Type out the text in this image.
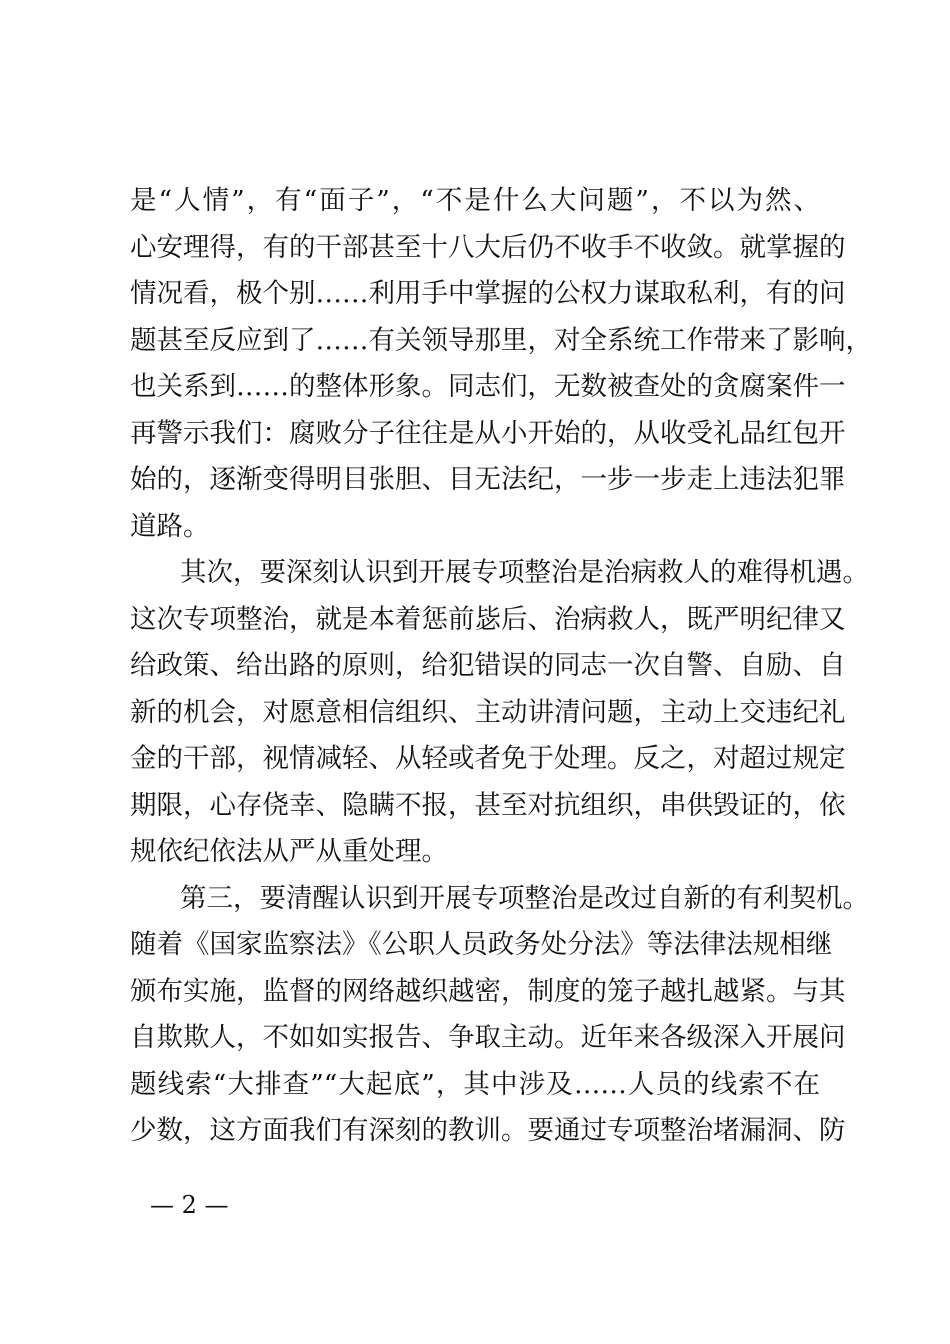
是“人情”，有“面子”，“不是什么大问题”，不以为然、
心安理得，有的干部甚至十八大后仍不收手不收敛。就掌握的
情况看，极个别……利用手中掌握的公权力谋取私利，有的问
题甚至反应到了……有关领导那里，对全系统工作带来了影响，
也关系到……的整体形象。同志们，无数被查处的贪腐案件一
再警示我们：腐败分子往往是从小开始的，从收受礼品红包开
始的，逐渐变得明目张胆、目无法纪，一步一步走上违法犯罪
道路。
其次，要深刻认识到开展专项整治是治病救人的难得机遇。
这次专项整治，就是本着惩前毖后、治病救人，既严明纪律又
给政策、给出路的原则，给犯错误的同志一次自警、自励、自
新的机会，对愿意相信组织、主动讲清问题，主动上交违纪礼
金的干部，视情减轻、从轻或者免于处理。反之，对超过规定
期限，心存侥幸、隐瞒不报，甚至对抗组织，串供毁证的，依
规依纪依法从严从重处理。
第三，要清醒认识到开展专项整治是改过自新的有利契机。
随着《国家监察法》《公职人员政务处分法》等法律法规相继
颁布实施，监督的网络越织越密，制度的笼子越扎越紧。与其
自欺欺人，不如如实报告、争取主动。近年来各级深入开展问
题线索“大排查”“大起底”，其中涉及……人员的线索不在
少数，这方面我们有深刻的教训。要通过专项整治堵漏洞、防
— 2 —
